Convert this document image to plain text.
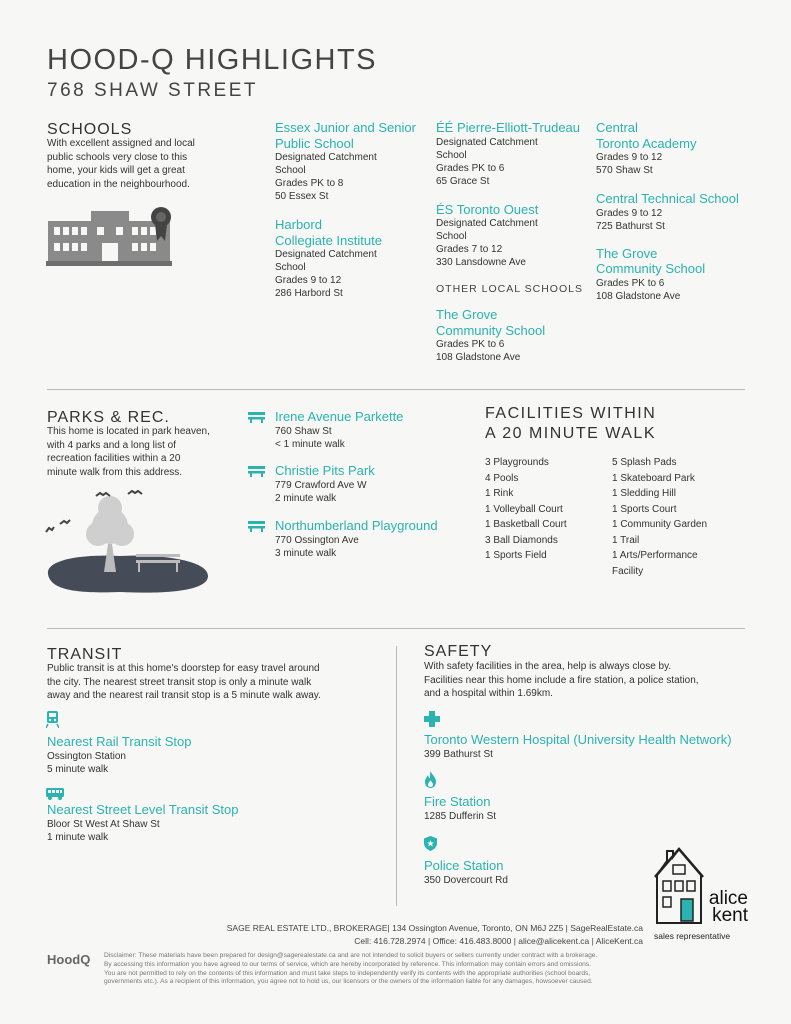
HOOD-Q HIGHLIGHTS
768 SHAW STREET
SCHOOLS
With excellent assigned and local
public schools very close to this
home, your kids will get a great
education in the neighbourhood.
Essex Junior and Senior
Public School
Designated Catchment
School
Grades PK to 8
50 Essex St
Harbord
Collegiate Institute
Designated Catchment
School
Grades 9 to 12
286 Harbord St
ÉÉ Pierre-Elliott-Trudeau
Designated Catchment
School
Grades PK to 6
65 Grace St
ÉS Toronto Ouest
Designated Catchment
School
Grades 7 to 12
330 Lansdowne Ave
OTHER LOCAL SCHOOLS
The Grove
Community School
Grades PK to 6
108 Gladstone Ave
Central
Toronto Academy
Grades 9 to 12
570 Shaw St
Central Technical School
Grades 9 to 12
725 Bathurst St
The Grove
Community School
Grades PK to 6
108 Gladstone Ave
PARKS & REC.
This home is located in park heaven,
with 4 parks and a long list of
recreation facilities within a 20
minute walk from this address.
Irene Avenue Parkette
760 Shaw St
< 1 minute walk
Christie Pits Park
779 Crawford Ave W
2 minute walk
Northumberland Playground
770 Ossington Ave
3 minute walk
FACILITIES WITHIN
A 20 MINUTE WALK
3 Playgrounds
4 Pools
1 Rink
1 Volleyball Court
1 Basketball Court
3 Ball Diamonds
1 Sports Field
5 Splash Pads
1 Skateboard Park
1 Sledding Hill
1 Sports Court
1 Community Garden
1 Trail
1 Arts/Performance
Facility
TRANSIT
Public transit is at this home's doorstep for easy travel around
the city. The nearest street transit stop is only a minute walk
away and the nearest rail transit stop is a 5 minute walk away.
Nearest Rail Transit Stop
Ossington Station
5 minute walk
Nearest Street Level Transit Stop
Bloor St West At Shaw St
1 minute walk
SAFETY
With safety facilities in the area, help is always close by.
Facilities near this home include a fire station, a police station,
and a hospital within 1.69km.
Toronto Western Hospital (University Health Network)
399 Bathurst St
Fire Station
1285 Dufferin St
Police Station
350 Dovercourt Rd
alice
kent
sales representative
SAGE REAL ESTATE LTD., BROKERAGE| 134 Ossington Avenue, Toronto, ON M6J 2Z5 | SageRealEstate.ca
Cell: 416.728.2974 | Office: 416.483.8000 | alice@alicekent.ca | AliceKent.ca
HoodQ Disclaimer: These materials have been prepared for design@sagerealestate.ca and are not intended to solicit buyers or sellers currently under contract with a brokerage.
By accessing this information you have agreed to our terms of service, which are hereby incorporated by reference. This information may contain errors and omissions.
You are not permitted to rely on the contents of this information and must take steps to independently verify its contents with the appropriate authorities (school boards,
governments etc.). As a recipient of this information, you agree not to hold us, our licensors or the owners of the information liable for any damages, howsoever caused.
